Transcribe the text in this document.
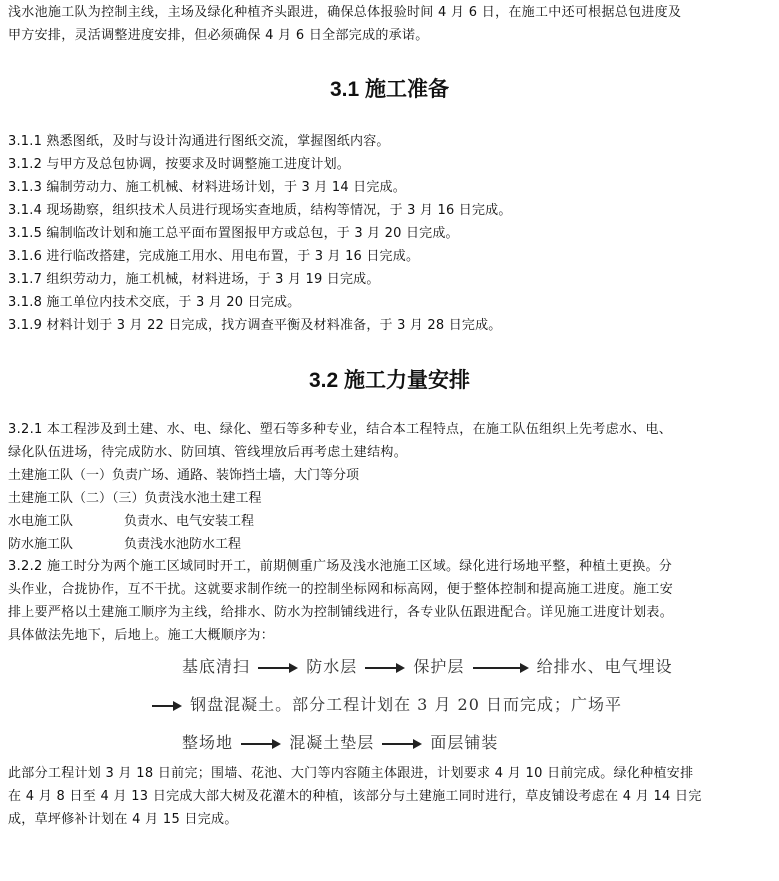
浅水池施工队为控制主线，主场及绿化种植齐头跟进，确保总体报验时间 4 月 6 日，在施工中还可根据总包进度及
甲方安排，灵活调整进度安排，但必须确保 4 月 6 日全部完成的承诺。
3.1 施工准备
3.1.1 熟悉图纸，及时与设计沟通进行图纸交流，掌握图纸内容。
3.1.2 与甲方及总包协调，按要求及时调整施工进度计划。
3.1.3 编制劳动力、施工机械、材料进场计划，于 3 月 14 日完成。
3.1.4 现场勘察，组织技术人员进行现场实查地质，结构等情况，于 3 月 16 日完成。
3.1.5 编制临改计划和施工总平面布置图报甲方或总包，于 3 月 20 日完成。
3.1.6 进行临改搭建，完成施工用水、用电布置，于 3 月 16 日完成。
3.1.7 组织劳动力，施工机械，材料进场，于 3 月 19 日完成。
3.1.8 施工单位内技术交底，于 3 月 20 日完成。
3.1.9 材料计划于 3 月 22 日完成，找方调查平衡及材料准备，于 3 月 28 日完成。
3.2 施工力量安排
3.2.1 本工程涉及到土建、水、电、绿化、塑石等多种专业，结合本工程特点，在施工队伍组织上先考虑水、电、
绿化队伍进场，待完成防水、防回填、管线埋放后再考虑土建结构。
土建施工队（一）负责广场、通路、装饰挡土墙，大门等分项
土建施工队（二）（三）负责浅水池土建工程
水电施工队	负责水、电气安装工程
防水施工队	负责浅水池防水工程
3.2.2 施工时分为两个施工区域同时开工，前期侧重广场及浅水池施工区域。绿化进行场地平整，种植土更换。分
头作业，合拢协作，互不干扰。这就要求制作统一的控制坐标网和标高网，便于整体控制和提高施工进度。施工安
排上要严格以土建施工顺序为主线，给排水、防水为控制铺线进行，各专业队伍跟进配合。详见施工进度计划表。
具体做法先地下，后地上。施工大概顺序为：
基底清扫	防水层	保护层	给排水、电气埋设
钢盘混凝土。部分工程计划在 3 月 20 日而完成；广场平
整场地	混凝土垫层	面层铺装
此部分工程计划 3 月 18 日前完；围墙、花池、大门等内容随主体跟进，计划要求 4 月 10 日前完成。绿化种植安排
在 4 月 8 日至 4 月 13 日完成大部大树及花灌木的种植，该部分与土建施工同时进行，草皮铺设考虑在 4 月 14 日完
成，草坪修补计划在 4 月 15 日完成。
